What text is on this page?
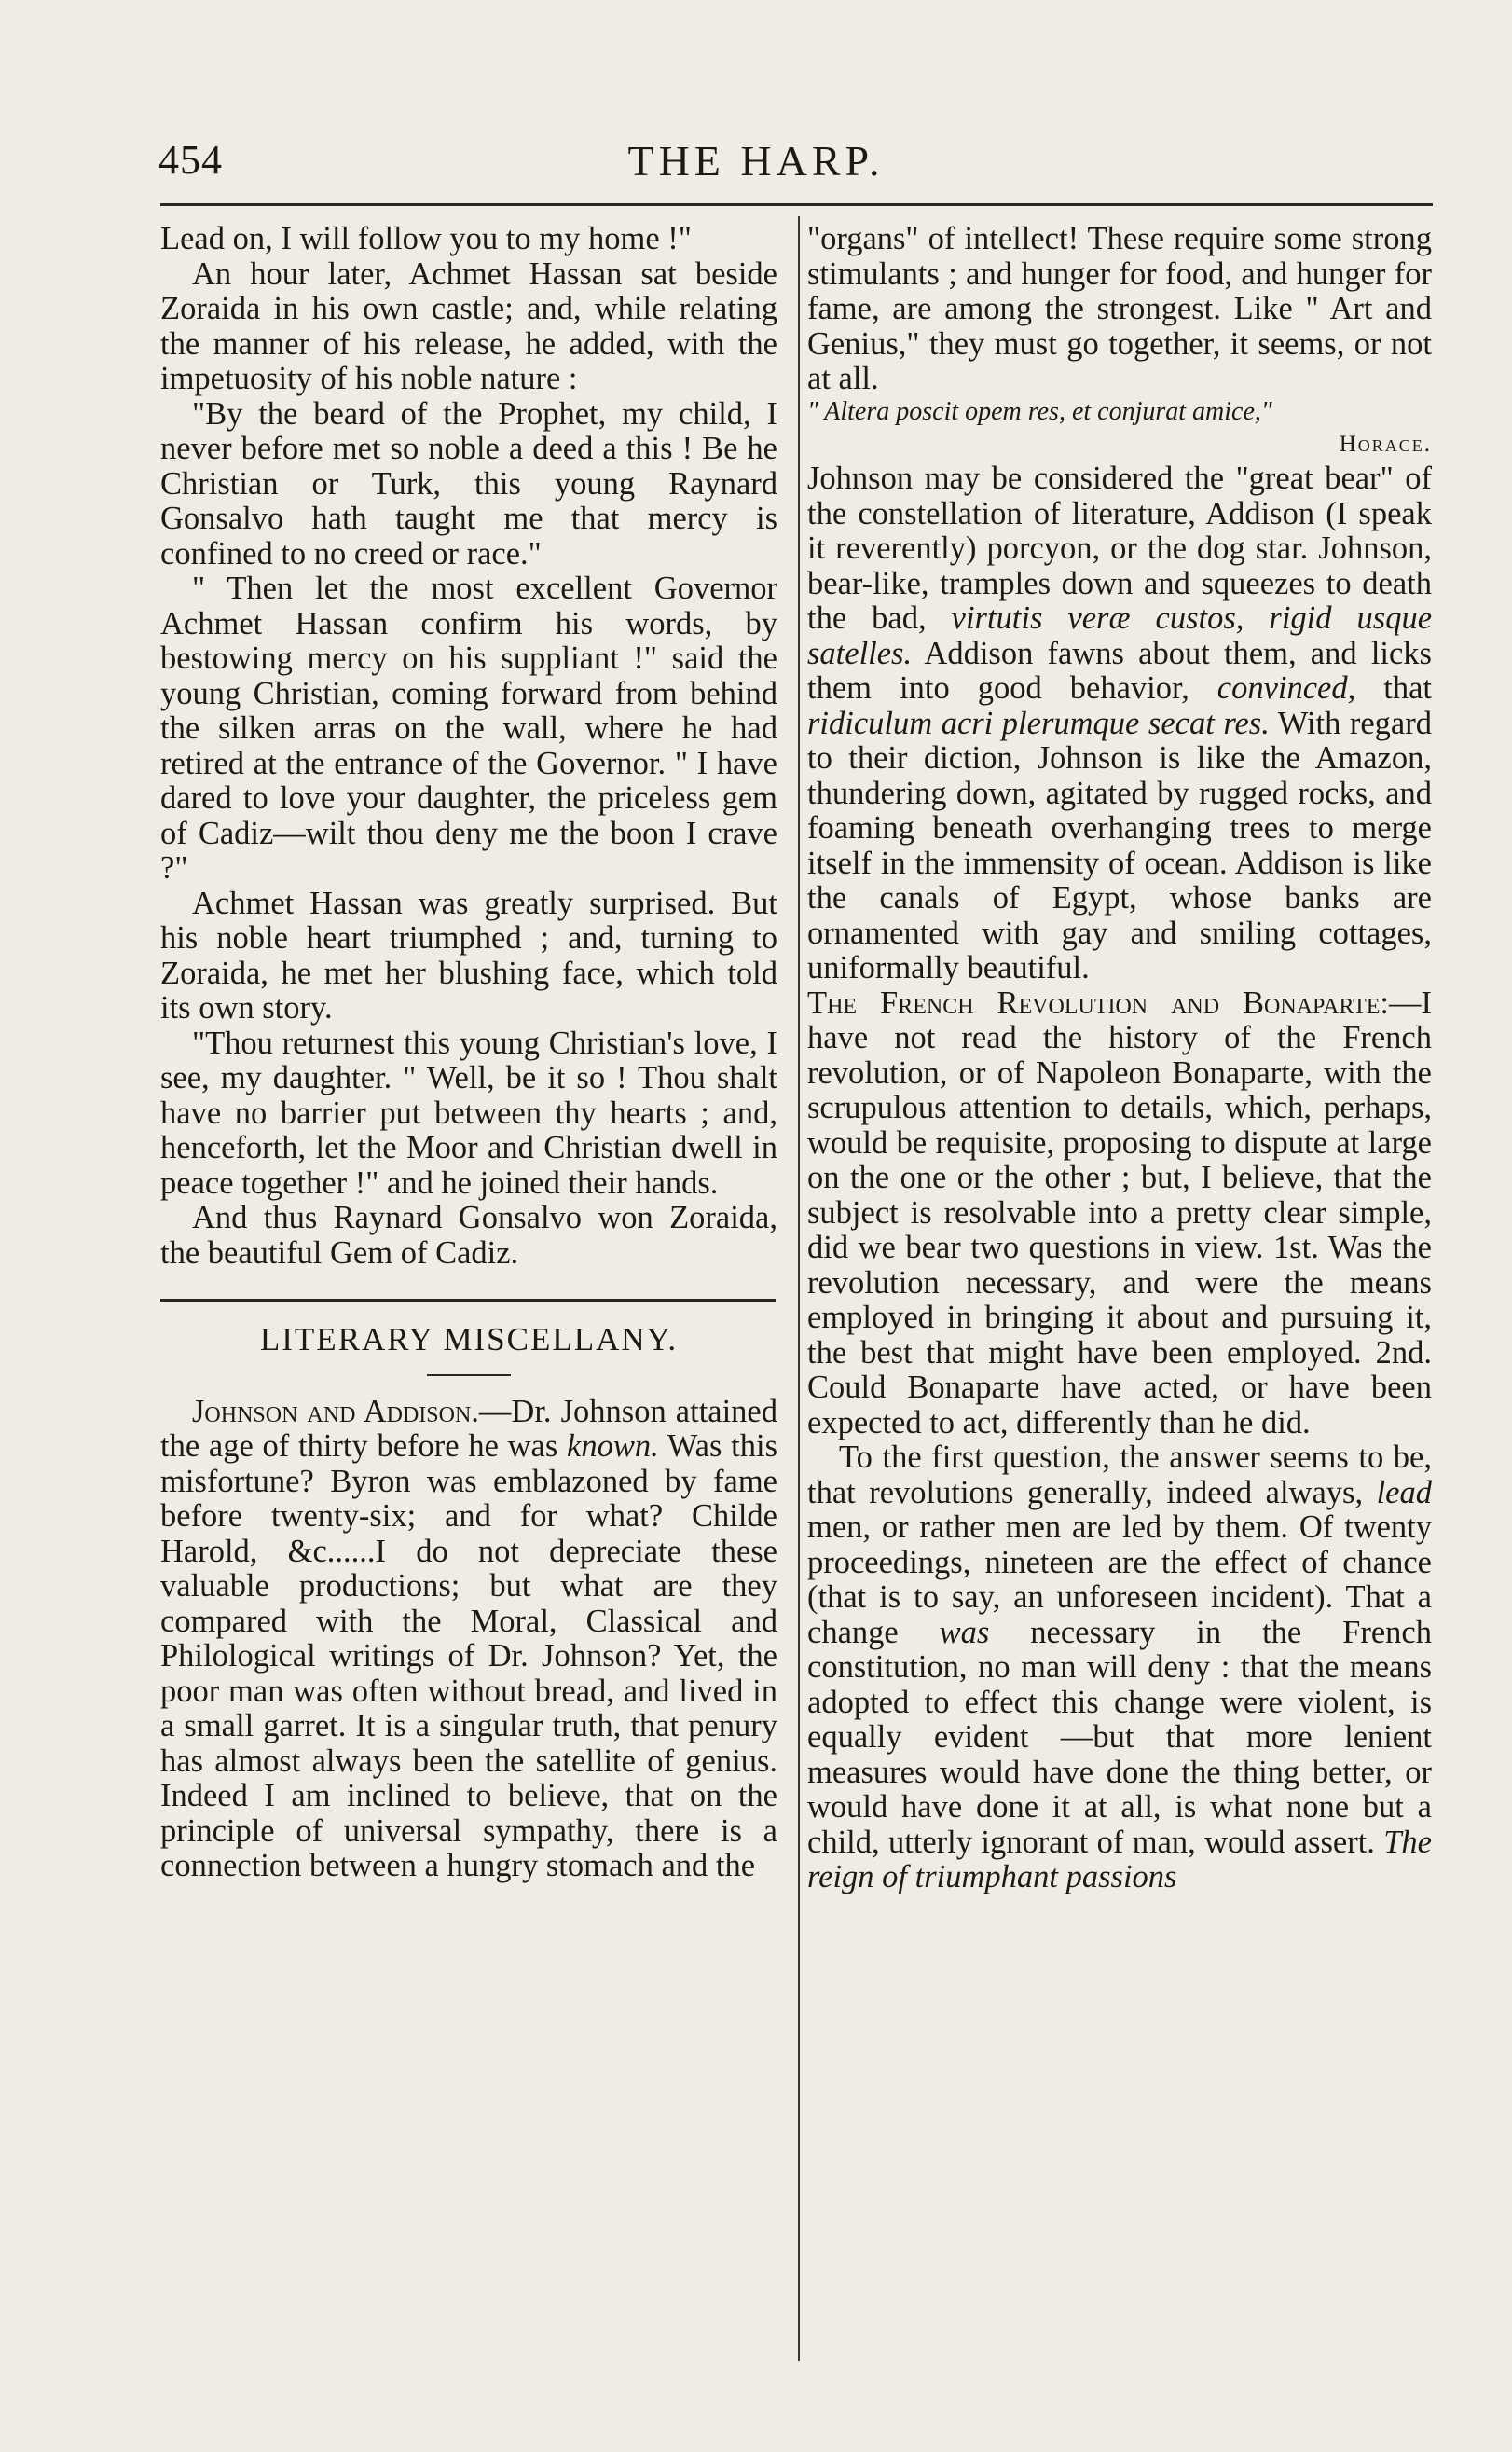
454	THE HARP.

Lead on, I will follow you to my home !"

An hour later, Achmet Hassan sat beside Zoraida in his own castle; and, while relating the manner of his release, he added, with the impetuosity of his noble nature :

"By the beard of the Prophet, my child, I never before met so noble a deed a this ! Be he Christian or Turk, this young Raynard Gonsalvo hath taught me that mercy is confined to no creed or race."

" Then let the most excellent Governor Achmet Hassan confirm his words, by bestowing mercy on his suppliant !" said the young Christian, coming forward from behind the silken arras on the wall, where he had retired at the entrance of the Governor. " I have dared to love your daughter, the priceless gem of Cadiz—wilt thou deny me the boon I crave ?"

Achmet Hassan was greatly surprised. But his noble heart triumphed ; and, turning to Zoraida, he met her blushing face, which told its own story.

"Thou returnest this young Christian's love, I see, my daughter. " Well, be it so ! Thou shalt have no barrier put between thy hearts ; and, henceforth, let the Moor and Christian dwell in peace together !" and he joined their hands.

And thus Raynard Gonsalvo won Zoraida, the beautiful Gem of Cadiz.

LITERARY MISCELLANY.

Johnson and Addison.—Dr. Johnson attained the age of thirty before he was known. Was this misfortune? Byron was emblazoned by fame before twenty-six; and for what? Childe Harold, &c......I do not depreciate these valuable productions; but what are they compared with the Moral, Classical and Philological writings of Dr. Johnson? Yet, the poor man was often without bread, and lived in a small garret. It is a singular truth, that penury has almost always been the satellite of genius. Indeed I am inclined to believe, that on the principle of universal sympathy, there is a connection between a hungry stomach and the

"organs" of intellect! These require some strong stimulants ; and hunger for food, and hunger for fame, are among the strongest. Like " Art and Genius," they must go together, it seems, or not at all.

" Altera poscit opem res, et conjurat amice,"

Horace.

Johnson may be considered the "great bear" of the constellation of literature, Addison (I speak it reverently) porcyon, or the dog star. Johnson, bear-like, tramples down and squeezes to death the bad, virtutis veræ custos, rigid usque satelles. Addison fawns about them, and licks them into good behavior, convinced, that ridiculum acri plerumque secat res. With regard to their diction, Johnson is like the Amazon, thundering down, agitated by rugged rocks, and foaming beneath overhanging trees to merge itself in the immensity of ocean. Addison is like the canals of Egypt, whose banks are ornamented with gay and smiling cottages, uniformally beautiful.

The French Revolution and Bonaparte:—I have not read the history of the French revolution, or of Napoleon Bonaparte, with the scrupulous attention to details, which, perhaps, would be requisite, proposing to dispute at large on the one or the other ; but, I believe, that the subject is resolvable into a pretty clear simple, did we bear two questions in view. 1st. Was the revolution necessary, and were the means employed in bringing it about and pursuing it, the best that might have been employed. 2nd. Could Bonaparte have acted, or have been expected to act, differently than he did.

To the first question, the answer seems to be, that revolutions generally, indeed always, lead men, or rather men are led by them. Of twenty proceedings, nineteen are the effect of chance (that is to say, an unforeseen incident). That a change was necessary in the French constitution, no man will deny : that the means adopted to effect this change were violent, is equally evident —but that more lenient measures would have done the thing better, or would have done it at all, is what none but a child, utterly ignorant of man, would assert. The reign of triumphant passions
